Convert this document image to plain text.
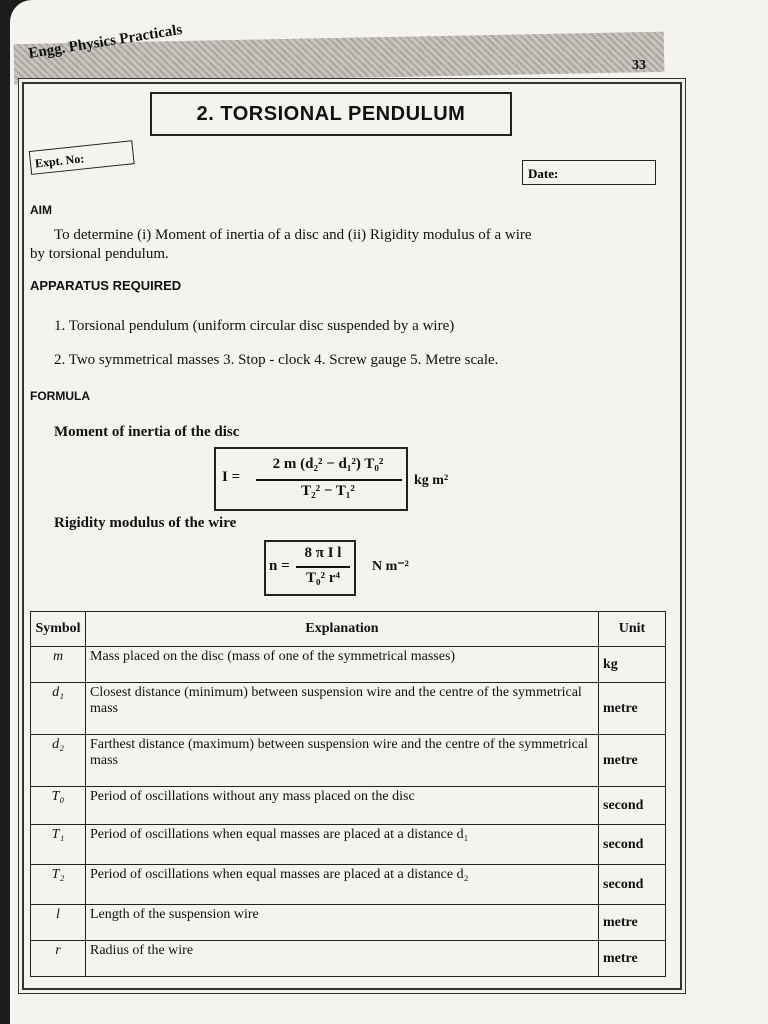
Engg. Physics Practicals
33
2. TORSIONAL PENDULUM
Expt. No:
Date:
AIM
To determine (i) Moment of inertia of a disc and (ii) Rigidity modulus of a wire
by torsional pendulum.
APPARATUS REQUIRED
1. Torsional pendulum (uniform circular disc suspended by a wire)
2. Two symmetrical masses 3. Stop - clock 4. Screw gauge 5. Metre scale.
FORMULA
Moment of inertia of the disc
I =
2 m (d₂² − d₁²) T₀²
T₂² − T₁²
kg m²
Rigidity modulus of the wire
n =
8 π I l
T₀² r⁴
N m⁻²
Symbol	Explanation	Unit
m	Mass placed on the disc (mass of one of the symmetrical masses)	kg
d₁	Closest distance (minimum) between suspension wire and the centre of the symmetrical mass	metre
d₂	Farthest distance (maximum) between suspension wire and the centre of the symmetrical mass	metre
T₀	Period of oscillations without any mass placed on the disc	second
T₁	Period of oscillations when equal masses are placed at a distance d₁	second
T₂	Period of oscillations when equal masses are placed at a distance d₂	second
l	Length of the suspension wire	metre
r	Radius of the wire	metre
